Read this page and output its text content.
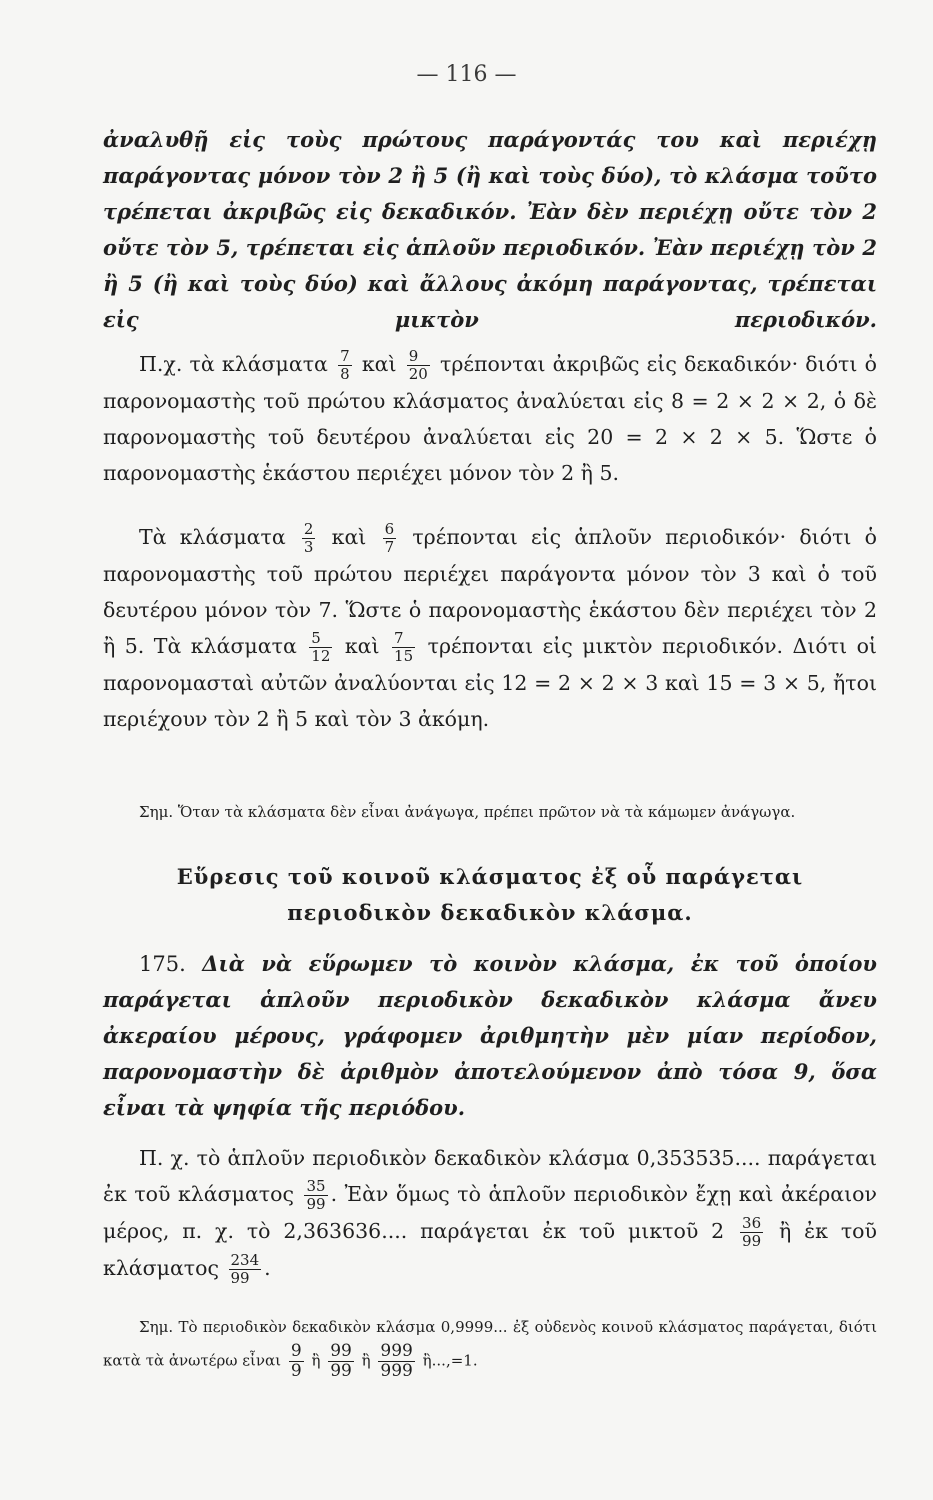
— 116 —
ἀναλυθῇ εἰς τοὺς πρώτους παράγοντάς του καὶ περιέχῃ παράγοντας μόνον τὸν 2 ἢ 5 (ἢ καὶ τοὺς δύο), τὸ κλάσμα τοῦτο τρέπεται ἀκριβῶς εἰς δεκαδικόν. Ἐὰν δὲν περιέχῃ οὔτε τὸν 2 οὔτε τὸν 5, τρέπεται εἰς ἁπλοῦν περιοδικόν. Ἐὰν περιέχῃ τὸν 2 ἢ 5 (ἢ καὶ τοὺς δύο) καὶ ἄλλους ἀκόμη παράγοντας, τρέπεται εἰς μικτὸν περιοδικόν.
Π.χ. τὰ κλάσματα $\frac{7}{8}$ καὶ $\frac{9}{20}$ τρέπονται ἀκριβῶς εἰς δεκαδικόν· διότι ὁ παρονομαστὴς τοῦ πρώτου κλάσματος ἀναλύεται εἰς 8 = 2 × 2 × 2, ὁ δὲ παρονομαστὴς τοῦ δευτέρου ἀναλύεται εἰς 20 = 2 × 2 × 5. Ὥστε ὁ παρονομαστὴς ἑκάστου περιέχει μόνον τὸν 2 ἢ 5.
Τὰ κλάσματα $\frac{2}{3}$ καὶ $\frac{6}{7}$ τρέπονται εἰς ἁπλοῦν περιοδικόν· διότι ὁ παρονομαστὴς τοῦ πρώτου περιέχει παράγοντα μόνον τὸν 3 καὶ ὁ τοῦ δευτέρου μόνον τὸν 7. Ὥστε ὁ παρονομαστὴς ἑκάστου δὲν περιέχει τὸν 2 ἢ 5. Τὰ κλάσματα $\frac{5}{12}$ καὶ $\frac{7}{15}$ τρέπονται εἰς μικτὸν περιοδικόν. Διότι οἱ παρονομασταὶ αὐτῶν ἀναλύονται εἰς 12 = 2 × 2 × 3 καὶ 15 = 3 × 5, ἤτοι περιέχουν τὸν 2 ἢ 5 καὶ τὸν 3 ἀκόμη.
Σημ. Ὅταν τὰ κλάσματα δὲν εἶναι ἀνάγωγα, πρέπει πρῶτον νὰ τὰ κάμωμεν ἀνάγωγα.
Εὕρεσις τοῦ κοινοῦ κλάσματος ἐξ οὗ παράγεται
περιοδικὸν δεκαδικὸν κλάσμα.
175. Διὰ νὰ εὕρωμεν τὸ κοινὸν κλάσμα, ἐκ τοῦ ὁποίου παράγεται ἁπλοῦν περιοδικὸν δεκαδικὸν κλάσμα ἄνευ ἀκεραίου μέρους, γράφομεν ἀριθμητὴν μὲν μίαν περίοδον, παρονομαστὴν δὲ ἀριθμὸν ἀποτελούμενον ἀπὸ τόσα 9, ὅσα εἶναι τὰ ψηφία τῆς περιόδου.
Π. χ. τὸ ἁπλοῦν περιοδικὸν δεκαδικὸν κλάσμα 0,353535.... παράγεται ἐκ τοῦ κλάσματος $\frac{35}{99}$ . Ἐὰν ὅμως τὸ ἁπλοῦν περιοδικὸν ἔχῃ καὶ ἀκέραιον μέρος, π. χ. τὸ 2,363636.... παράγεται ἐκ τοῦ μικτοῦ $2 \frac{36}{99}$ ἢ ἐκ τοῦ κλάσματος $\frac{234}{99}$ .
Σημ. Τὸ περιοδικὸν δεκαδικὸν κλάσμα 0,9999... ἐξ οὐδενὸς κοινοῦ κλάσματος παράγεται, διότι κατὰ τὰ ἀνωτέρω εἶναι $\frac{9}{9}$ ἢ $\frac{99}{99}$ ἢ $\frac{999}{999}$ ἢ...,=1.
